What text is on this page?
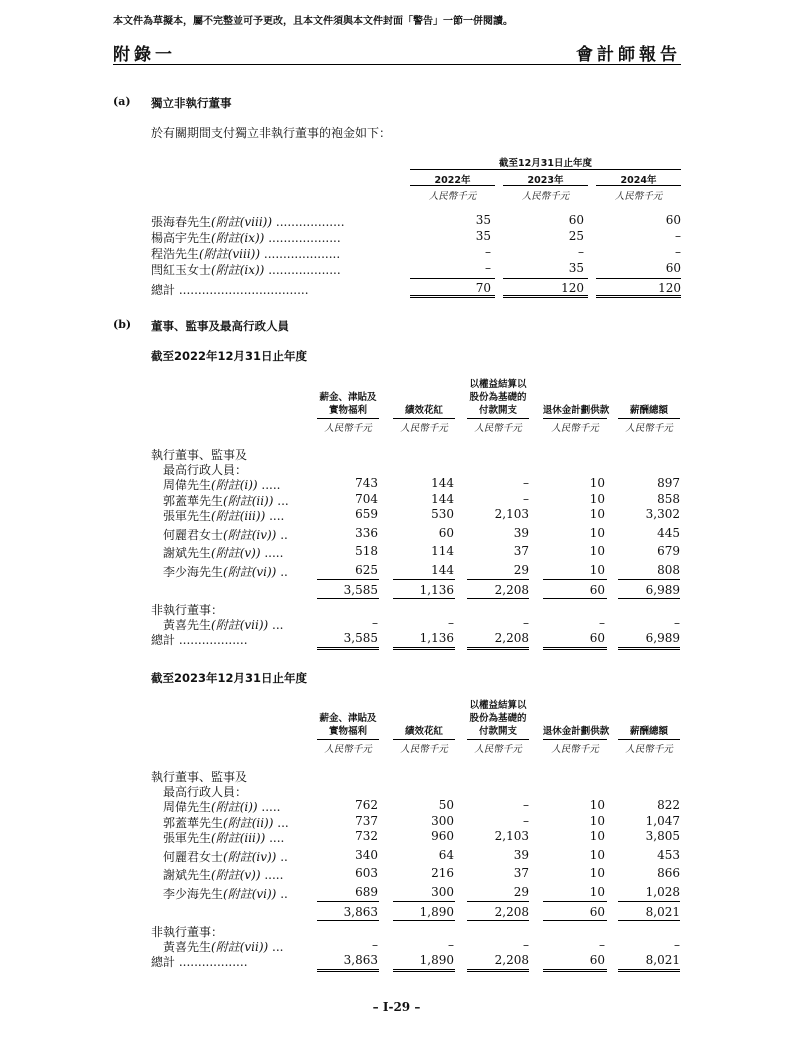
本文件為草擬本，屬不完整並可予更改，且本文件須與本文件封面「警告」一節一併閱讀。
附錄一	會計師報告
(a) 獨立非執行董事
於有關期間支付獨立非執行董事的袍金如下：
截至12月31日止年度
2022年	2023年	2024年
人民幣千元	人民幣千元	人民幣千元
張海春先生(附註(viii)) ..................	35	60	60
楊高宇先生(附註(ix)) ...................	35	25	–
程浩先生(附註(viii)) ....................	–	–	–
閆紅玉女士(附註(ix)) ...................	–	35	60
總計 ..................................	70	120	120
(b) 董事、監事及最高行政人員
截至2022年12月31日止年度
薪金、津貼及實物福利	績效花紅
以權益結算以股份為基礎的付款開支	退休金計劃供款	薪酬總額
人民幣千元	人民幣千元	人民幣千元	人民幣千元	人民幣千元
執行董事、監事及
最高行政人員：
周偉先生(附註(i)) .....	743	144	–	10	897
郭蓋華先生(附註(ii)) ...	704	144	–	10	858
張軍先生(附註(iii)) ....	659	530	2,103	10	3,302
何麗君女士(附註(iv)) ..	336	60	39	10	445
謝斌先生(附註(v)) .....	518	114	37	10	679
李少海先生(附註(vi)) ..	625	144	29	10	808
3,585	1,136	2,208	60	6,989
非執行董事：
黃喜先生(附註(vii)) ...	–	–	–	–	–
總計 ..................	3,585	1,136	2,208	60	6,989
截至2023年12月31日止年度
薪金、津貼及實物福利	績效花紅
以權益結算以股份為基礎的付款開支	退休金計劃供款	薪酬總額
人民幣千元	人民幣千元	人民幣千元	人民幣千元	人民幣千元
執行董事、監事及
最高行政人員：
周偉先生(附註(i)) .....	762	50	–	10	822
郭蓋華先生(附註(ii)) ...	737	300	–	10	1,047
張軍先生(附註(iii)) ....	732	960	2,103	10	3,805
何麗君女士(附註(iv)) ..	340	64	39	10	453
謝斌先生(附註(v)) .....	603	216	37	10	866
李少海先生(附註(vi)) ..	689	300	29	10	1,028
3,863	1,890	2,208	60	8,021
非執行董事：
黃喜先生(附註(vii)) ...	–	–	–	–	–
總計 ..................	3,863	1,890	2,208	60	8,021
– I-29 –
